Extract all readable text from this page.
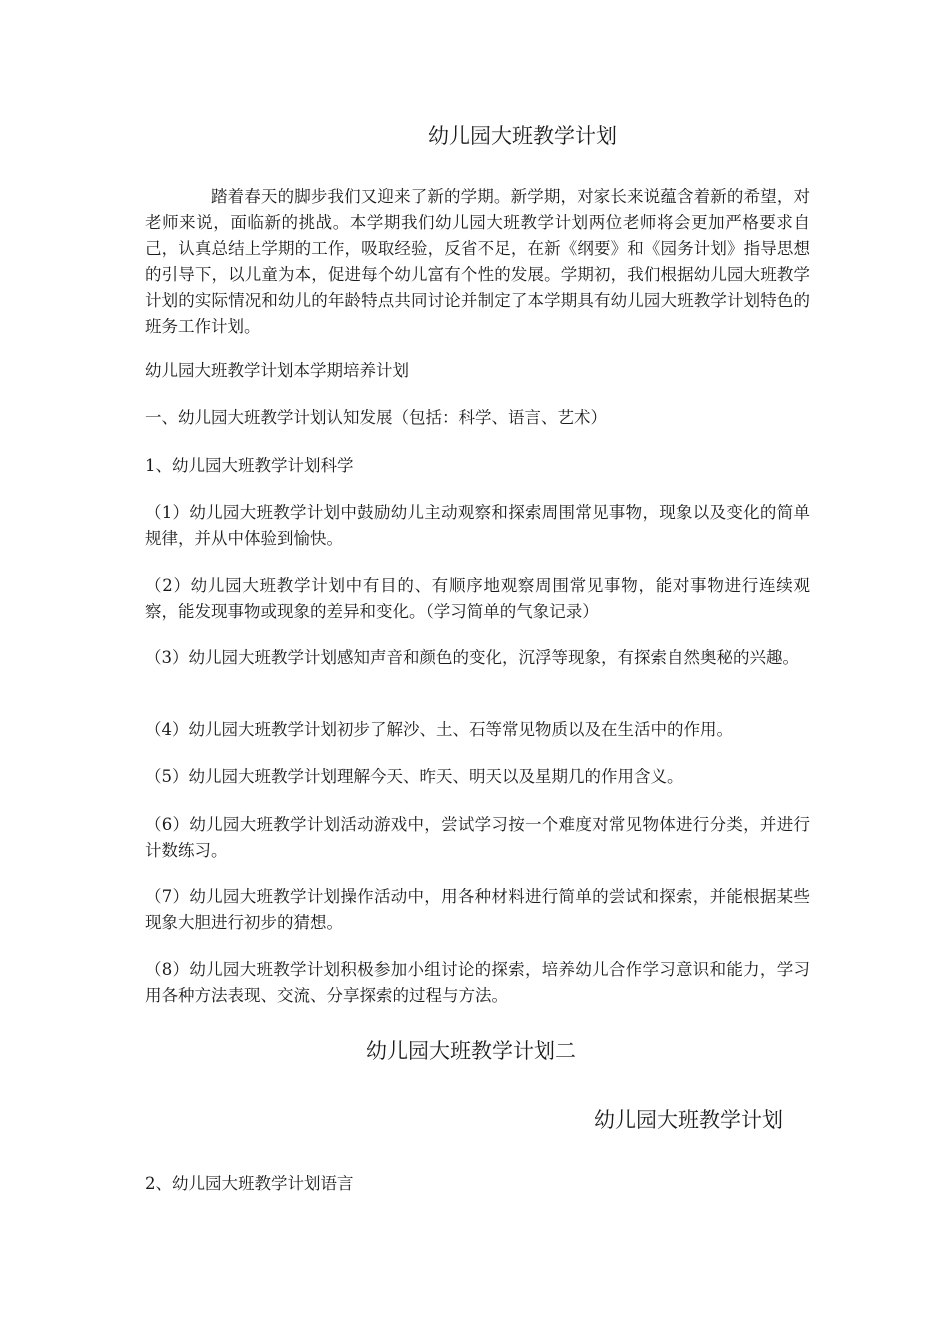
幼儿园大班教学计划
踏着春天的脚步我们又迎来了新的学期。新学期，对家长来说蕴含着新的希望，对老师来说，面临新的挑战。本学期我们幼儿园大班教学计划两位老师将会更加严格要求自己，认真总结上学期的工作，吸取经验，反省不足，在新《纲要》和《园务计划》指导思想的引导下，以儿童为本，促进每个幼儿富有个性的发展。学期初，我们根据幼儿园大班教学计划的实际情况和幼儿的年龄特点共同讨论并制定了本学期具有幼儿园大班教学计划特色的班务工作计划。
幼儿园大班教学计划本学期培养计划
一、幼儿园大班教学计划认知发展（包括：科学、语言、艺术）
1、幼儿园大班教学计划科学
（1）幼儿园大班教学计划中鼓励幼儿主动观察和探索周围常见事物，现象以及变化的简单规律，并从中体验到愉快。
（2）幼儿园大班教学计划中有目的、有顺序地观察周围常见事物，能对事物进行连续观察，能发现事物或现象的差异和变化。（学习简单的气象记录）
（3）幼儿园大班教学计划感知声音和颜色的变化，沉浮等现象，有探索自然奥秘的兴趣。
（4）幼儿园大班教学计划初步了解沙、土、石等常见物质以及在生活中的作用。
（5）幼儿园大班教学计划理解今天、昨天、明天以及星期几的作用含义。
（6）幼儿园大班教学计划活动游戏中，尝试学习按一个难度对常见物体进行分类，并进行计数练习。
（7）幼儿园大班教学计划操作活动中，用各种材料进行简单的尝试和探索，并能根据某些现象大胆进行初步的猜想。
（8）幼儿园大班教学计划积极参加小组讨论的探索，培养幼儿合作学习意识和能力，学习用各种方法表现、交流、分享探索的过程与方法。
幼儿园大班教学计划二
幼儿园大班教学计划
2、幼儿园大班教学计划语言
